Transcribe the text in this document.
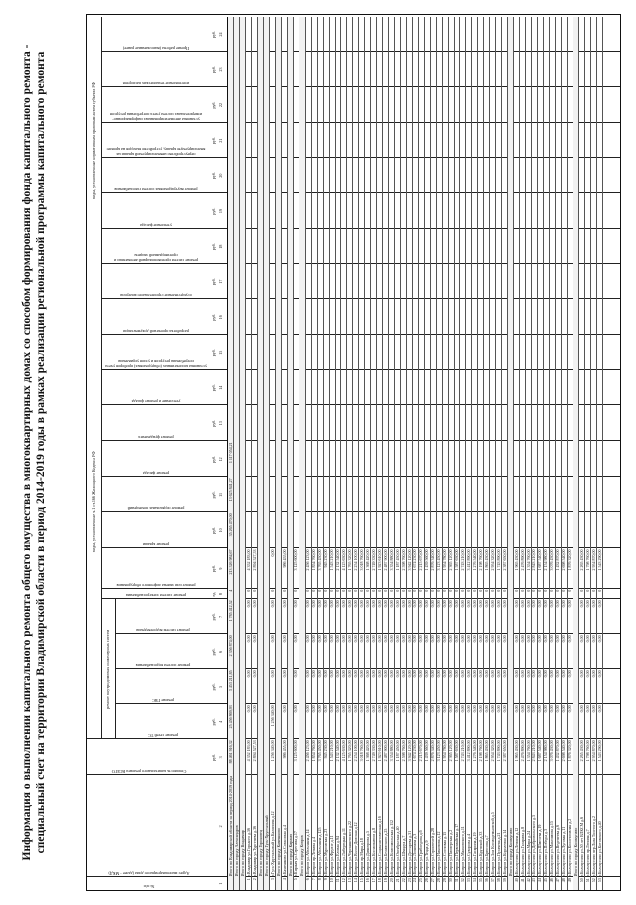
Информация о выполнении капитального ремонта общего имущества в многоквартирных домах со способом формирования фонда капитального ремонта - специальный счет на территории Владимирской области в период 2014-2019 годы в рамках реализации региональной программы капитального ремонта	виды, установленные ч.1 ст.166 Жилищного Кодекса РФ
виды, установленные нормативным правовым актом субъекта РФ
ремонт внутридомовых инженерных систем
№ п/п
Адрес многоквартирного дома (далее - МКД)
Стоимость капитального ремонта ВСЕГО
ремонт сетей ТС
ремонт ГВС
ремонт систем водоснабжения
ремонт систем водоотведения
ремонт систем электроснабжения
ремонт или замена лифтового оборудования
ремонт крыши
ремонт подвальных помещений
ремонт фасада
ремонт фундамента
утепление и ремонт фасада
установка коллективных (общедомовых) приборов учета потребления ресурсов и узлов управления
разработка проектной документации
осуществление строительного контроля
ремонт систем противопожарной автоматики и противодымной защиты
утепление фасада
ремонт внутридомовых систем газоснабжения
переустройство невентилируемой крыши на вентилируемую крышу, устройство выходов на кровлю
установка автоматизированных информационно-измерительных систем учета потребления ресурсов
изготовление технических паспортов
Прочие работы (выполненные ранее)
руб.
руб.
руб.
руб.
руб.
ед.
руб.
руб.
руб.
руб.
руб.
руб.
руб.
руб.
руб.
руб.
руб.
руб.
руб.
руб.
руб.
руб.
1
2
3
4
5
6
7
8
9
10
11
12
13
14
15
16
17
18
19
20
21
22
23
24
Итого по Владимирской области за период 2014-2019 годы
88 461 916,32
25 456 869,93
3 453 211,85
2 356 874,00
1 785 412,52
4
213 526 984,67
35 265 470,00
13 625 841,27
1 117 054,21
Итого по городу Александров Итого по городу Владимир
1
г.Владимир ул.Горького д.56
4 352 183,00
0,00
0,00
0,00
0,00
0
4 352 183,00
2
г.Владимир ул.Тургенева д.36
2 894 527,53
0,00
0,00
0,00
0,00
0
2 894 527,53
Итого по городу Гороховец Итого по городу Гусь-Хрустальный
3
г.Гусь-Хрустальный ул.Калинина д.12
1 256 340,00
1 256 340,00
0,00
0,00
0,00
0
0,00
Итого по городу Камешково
4
г.Камешково ул.Совхозная д.4
986 455,00
0,00
0,00
0,00
0,00
0
986 455,00
Итого по городу Киржач
5
г.Киржач ул.Серегина д.17
3 125 600,00
0,00
0,00
0,00
0,00
0
3 125 600,00
Итого по городу Ковров
6
г.Ковров ул.Абельмана д.14
2 456 123,00
0,00
0,00
0,00
0,00
0
2 456 123,00
7
г.Ковров пр.Ленина д.4
1 854 760,00
0,00
0,00
0,00
0,00
0
1 854 760,00
8
г.Ковров ул.Абельмана д.125
3 765 450,00
0,00
0,00
0,00
0,00
0
3 765 450,00
9
г.Ковров ул.Муромская д.23
945 230,00
0,00
0,00
0,00
0,00
0
945 230,00
10
г.Ковров ул.Фрунзе д.11
1 543 210,00
0,00
0,00
0,00
0,00
0
1 543 210,00
11
г.Ковров ул.Еловая д.94
2 132 540,00
0,00
0,00
0,00
0,00
0
2 132 540,00
12
г.Ковров ул.Либерецкая д.11
4 125 630,00
0,00
0,00
0,00
0,00
0
4 125 630,00
13
г.Ковров ул.Чернышевского д.22
1 765 320,00
0,00
0,00
0,00
0,00
0
1 765 320,00
14
г.Ковров ул.Волго-Донская д.12
2 254 100,00
0,00
0,00
0,00
0,00
0
2 254 100,00
15
г.Ковров пр.Мира д.18
3 018 760,00
0,00
0,00
0,00
0,00
0
3 018 760,00
16
г.Ковров ул.Димитрова д.5
1 368 420,00
0,00
0,00
0,00
0,00
0
1 368 420,00
17
г.Ковров ул.Космонавтов д.8
2 749 330,00
0,00
0,00
0,00
0,00
0
2 749 330,00
18
г.Ковров ул.Социалистическая д.16
1 923 610,00
0,00
0,00
0,00
0,00
0
1 923 610,00
19
г.Ковров ул.Белинского д.25
2 487 900,00
0,00
0,00
0,00
0,00
0
2 487 900,00
20
г.Ковров ул.Комсомольская д.112
3 354 880,00
0,00
0,00
0,00
0,00
0
3 354 880,00
21
г.Ковров ул.Октябрьская д.40
1 187 450,00
0,00
0,00
0,00
0,00
0
1 187 450,00
22
г.Ковров ул.Шмидта д.7
2 598 760,00
0,00
0,00
0,00
0,00
0
2 598 760,00
23
г.Ковров ул.Дегтярева д.31
3 942 120,00
0,00
0,00
0,00
0,00
0
3 942 120,00
24
г.Ковров ул.Лопатина д.3
1 674 230,00
0,00
0,00
0,00
0,00
0
1 674 230,00
25
г.Ковров ул.Грибоедова д.6
2 215 670,00
0,00
0,00
0,00
0,00
0
2 215 670,00
26
г.Ковров ул.Truда д.9
1 439 560,00
0,00
0,00
0,00
0,00
0
1 439 560,00
27
г.Ковров ул.Строителей д.28
2 876 340,00
0,00
0,00
0,00
0,00
0
2 876 340,00
28
г.Ковров ул.Никонова д.12
3 123 450,00
0,00
0,00
0,00
0,00
0
3 123 450,00
29
г.Ковров ул.Сосновая д.15
1 954 780,00
0,00
0,00
0,00
0,00
0
1 954 780,00
30
г.Ковров ул.Пионерская д.2
2 365 120,00
0,00
0,00
0,00
0,00
0
2 365 120,00
31
г.Ковров ул.Первомайская д.17
1 587 630,00
0,00
0,00
0,00
0,00
0
1 587 630,00
32
г.Ковров ул.Маяковского д.11
2 743 210,00
0,00
0,00
0,00
0,00
0
2 743 210,00
33
г.Ковров ул.Суворова д.4
3 412 890,00
0,00
0,00
0,00
0,00
0
3 412 890,00
34
г.Ковров ул.Гагарина д.19
1 276 540,00
0,00
0,00
0,00
0,00
0
1 276 540,00
35
г.Ковров ул.Крупской д.33
2 198 760,00
0,00
0,00
0,00
0,00
0
2 198 760,00
36
г.Ковров ул.Брюсова д.7
1 865 430,00
0,00
0,00
0,00
0,00
0
1 865 430,00
37
г.Ковров ул.Зои Космодемьянской д.5
2 954 320,00
0,00
0,00
0,00
0,00
0
2 954 320,00
38
г.Ковров ул.Пугачева д.21
1 743 890,00
0,00
0,00
0,00
0,00
0
1 743 890,00
39
г.Ковров ул.Короленко д.14
2 387 650,00
0,00
0,00
0,00
0,00
0
2 387 650,00
Итого по городу Кольчугино
40
г.Кольчугино ул.Ленина д.12
1 965 430,00
0,00
0,00
0,00
0,00
0
1 965 430,00
41
г.Кольчугино ул.Гагарина д.8
2 476 890,00
0,00
0,00
0,00
0,00
0
2 476 890,00
42
г.Кольчугино ул.Мира д.24
1 354 760,00
0,00
0,00
0,00
0,00
0
1 354 760,00
43
г.Кольчугино ул.Добровольского д.5
2 843 210,00
0,00
0,00
0,00
0,00
0
2 843 210,00
44
г.Кольчугино ул.Шмелева д.19
1 687 540,00
0,00
0,00
0,00
0,00
0
1 687 540,00
45
г.Кольчугино ул.Победы д.3
2 154 980,00
0,00
0,00
0,00
0,00
0
2 154 980,00
46
г.Кольчугино ул.Максимова д.15
3 076 430,00
0,00
0,00
0,00
0,00
0
3 076 430,00
47
г.Кольчугино ул.Веденеева д.6
1 432 870,00
0,00
0,00
0,00
0,00
0
1 432 870,00
48
г.Кольчугино ул.Луговая д.11
2 698 540,00
0,00
0,00
0,00
0,00
0
2 698 540,00
49
г.Кольчугино ул.Коллективная д.2
1 876 320,00
0,00
0,00
0,00
0,00
0
1 876 320,00
Итого по городу Кольчугино
50
г.Кольчугино ул.50 лет ВЛКСМ д.6
2 265 430,00
0,00
0,00
0,00
0,00
0
2 265 430,00
51
г.Кольчугино пр.Ленина д.7
1 798 760,00
0,00
0,00
0,00
0,00
0
1 798 760,00
52
г.Кольчугино пер.Льва Толстого д.2
2 954 870,00
0,00
0,00
0,00
0,00
0
2 954 870,00
53
г.Кольчугино ул.Котовского д.40
1 543 290,00
0,00
0,00
0,00
0,00
0
1 543 290,00
